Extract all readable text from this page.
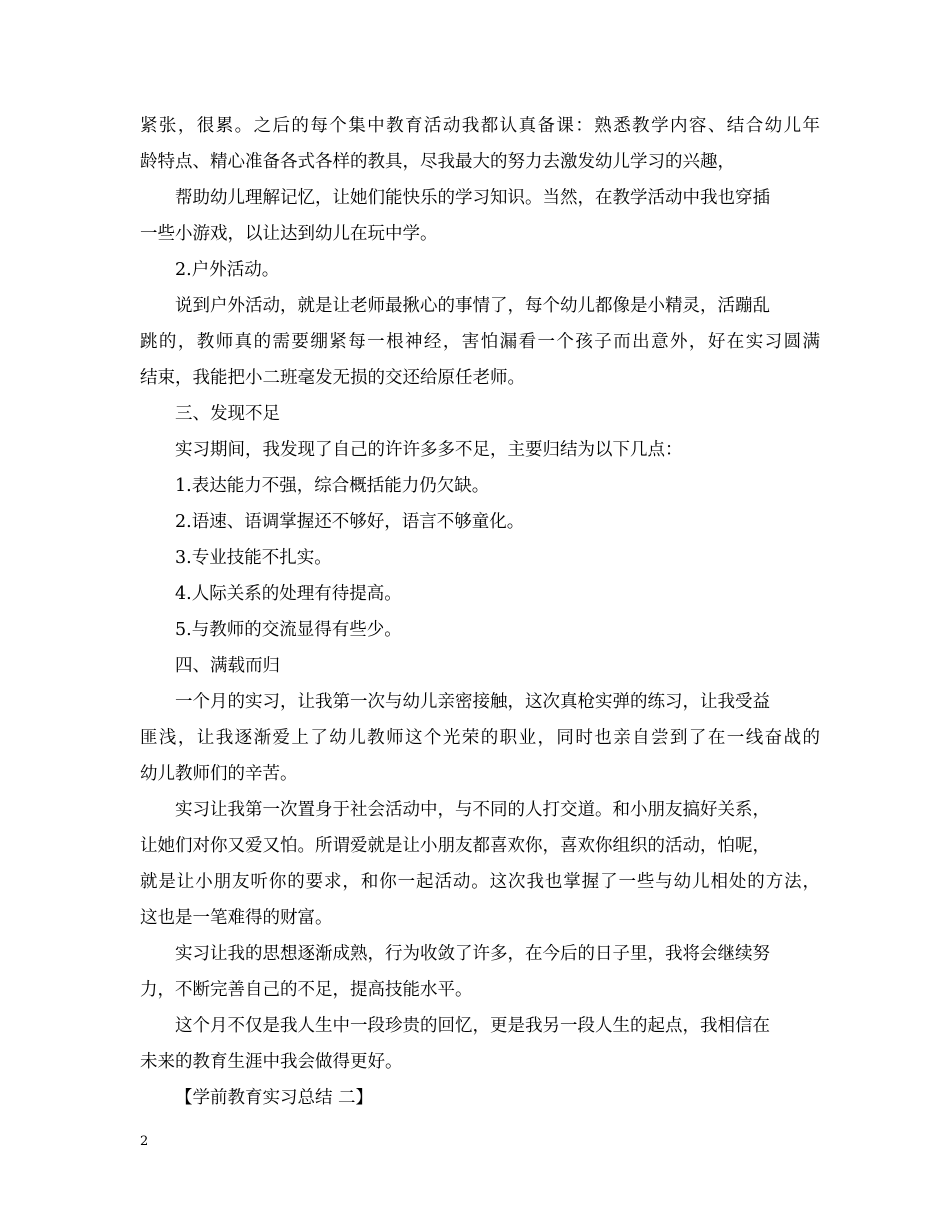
紧张，很累。之后的每个集中教育活动我都认真备课：熟悉教学内容、结合幼儿年
龄特点、精心准备各式各样的教具，尽我最大的努力去激发幼儿学习的兴趣，
帮助幼儿理解记忆，让她们能快乐的学习知识。当然，在教学活动中我也穿插
一些小游戏，以让达到幼儿在玩中学。
2.户外活动。
说到户外活动，就是让老师最揪心的事情了，每个幼儿都像是小精灵，活蹦乱
跳的，教师真的需要绷紧每一根神经，害怕漏看一个孩子而出意外，好在实习圆满
结束，我能把小二班毫发无损的交还给原任老师。
三、发现不足
实习期间，我发现了自己的许许多多不足，主要归结为以下几点：
1.表达能力不强，综合概括能力仍欠缺。
2.语速、语调掌握还不够好，语言不够童化。
3.专业技能不扎实。
4.人际关系的处理有待提高。
5.与教师的交流显得有些少。
四、满载而归
一个月的实习，让我第一次与幼儿亲密接触，这次真枪实弹的练习，让我受益
匪浅，让我逐渐爱上了幼儿教师这个光荣的职业，同时也亲自尝到了在一线奋战的
幼儿教师们的辛苦。
实习让我第一次置身于社会活动中，与不同的人打交道。和小朋友搞好关系，
让她们对你又爱又怕。所谓爱就是让小朋友都喜欢你，喜欢你组织的活动，怕呢，
就是让小朋友听你的要求，和你一起活动。这次我也掌握了一些与幼儿相处的方法，
这也是一笔难得的财富。
实习让我的思想逐渐成熟，行为收敛了许多，在今后的日子里，我将会继续努
力，不断完善自己的不足，提高技能水平。
这个月不仅是我人生中一段珍贵的回忆，更是我另一段人生的起点，我相信在
未来的教育生涯中我会做得更好。
【学前教育实习总结 二】
2
